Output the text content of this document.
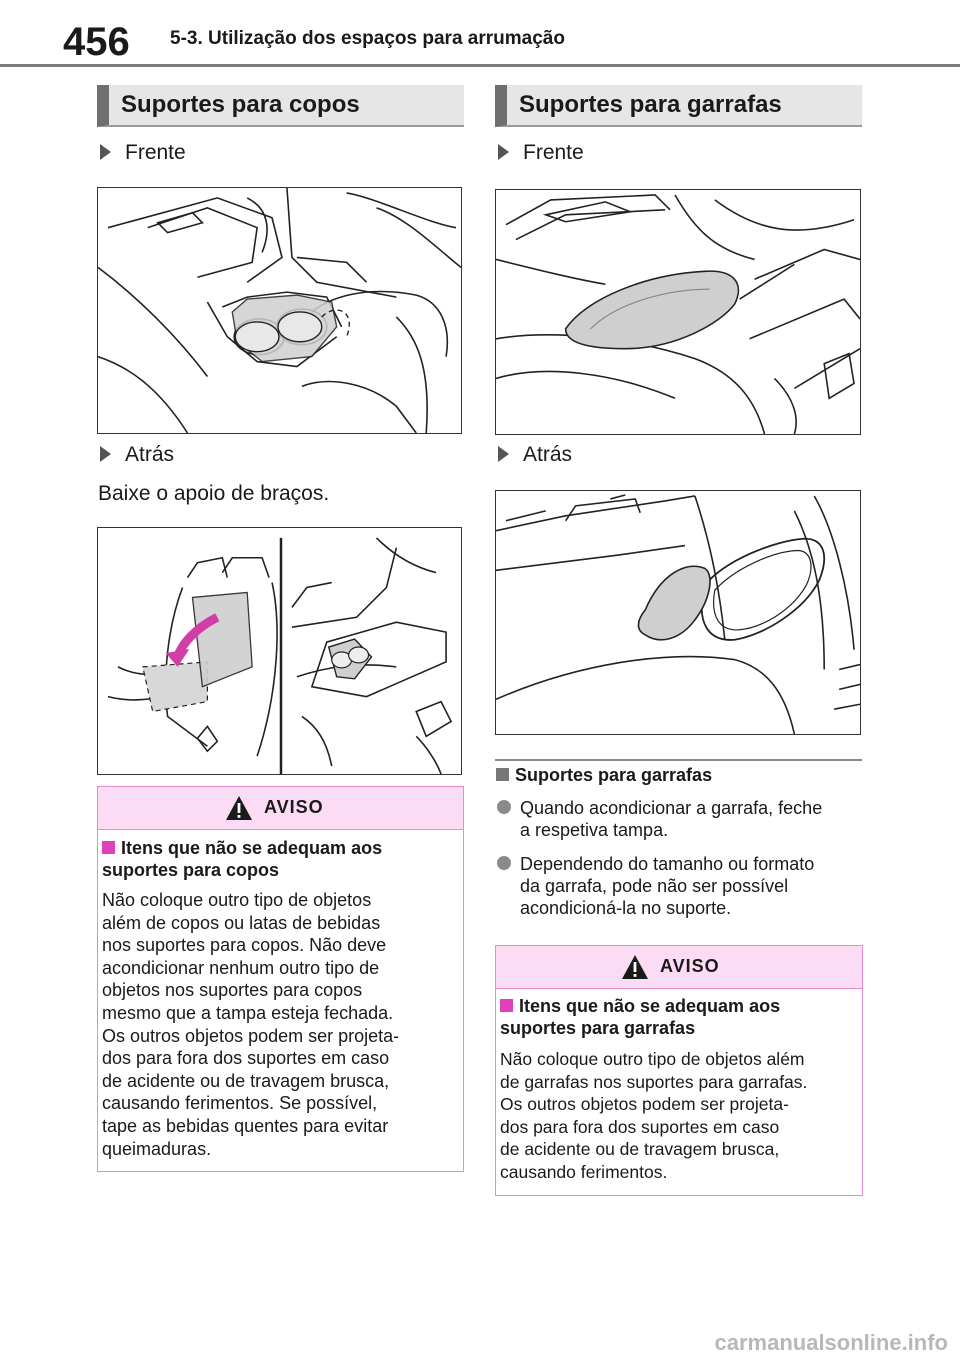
456 5-3. Utilização dos espaços para arrumação
Suportes para copos
Frente
Atrás
Baixe o apoio de braços.
AVISO
Itens que não se adequam aos
suportes para copos
Não coloque outro tipo de objetos
além de copos ou latas de bebidas
nos suportes para copos. Não deve
acondicionar nenhum outro tipo de
objetos nos suportes para copos
mesmo que a tampa esteja fechada.
Os outros objetos podem ser projeta-
dos para fora dos suportes em caso
de acidente ou de travagem brusca,
causando ferimentos. Se possível,
tape as bebidas quentes para evitar
queimaduras.
Suportes para garrafas
Frente
Atrás
Suportes para garrafas
Quando acondicionar a garrafa, feche
a respetiva tampa.
Dependendo do tamanho ou formato
da garrafa, pode não ser possível
acondicioná-la no suporte.
AVISO
Itens que não se adequam aos
suportes para garrafas
Não coloque outro tipo de objetos além
de garrafas nos suportes para garrafas.
Os outros objetos podem ser projeta-
dos para fora dos suportes em caso
de acidente ou de travagem brusca,
causando ferimentos.
carmanualsonline.info
